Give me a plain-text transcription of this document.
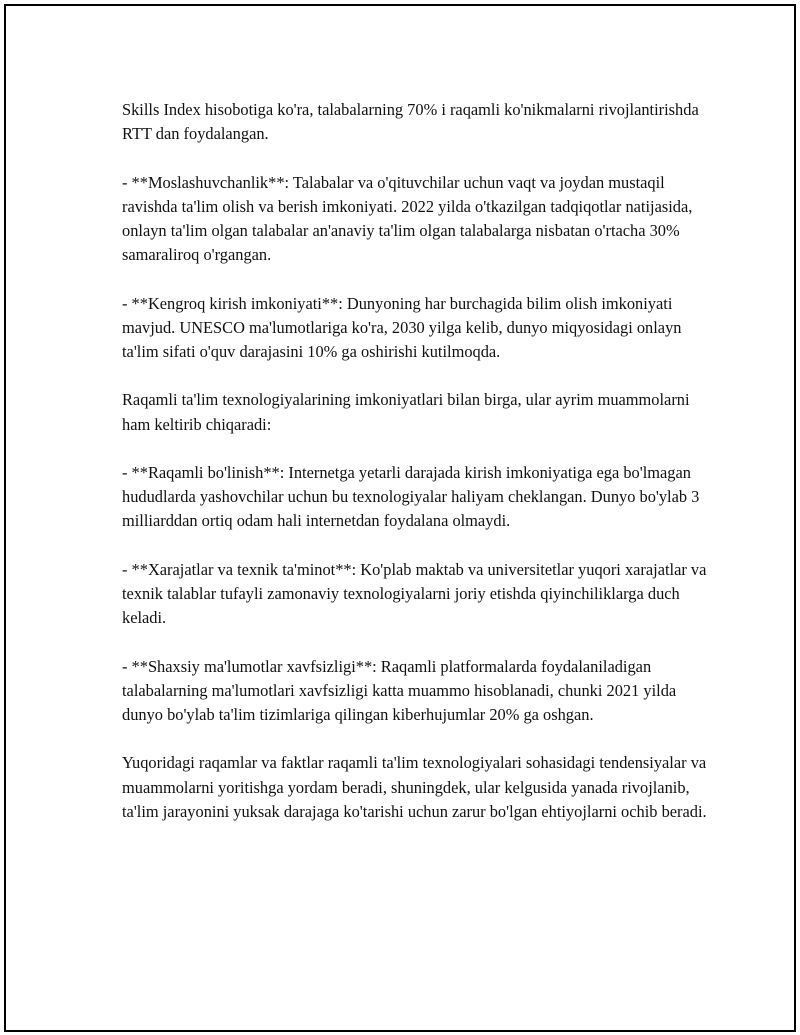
Skills Index hisobotiga ko'ra, talabalarning 70% i raqamli ko'nikmalarni rivojlantirishda RTT dan foydalangan.

- **Moslashuvchanlik**: Talabalar va o'qituvchilar uchun vaqt va joydan mustaqil ravishda ta'lim olish va berish imkoniyati. 2022 yilda o'tkazilgan tadqiqotlar natijasida, onlayn ta'lim olgan talabalar an'anaviy ta'lim olgan talabalarga nisbatan o'rtacha 30% samaraliroq o'rgangan.

- **Kengroq kirish imkoniyati**: Dunyoning har burchagida bilim olish imkoniyati mavjud. UNESCO ma'lumotlariga ko'ra, 2030 yilga kelib, dunyo miqyosidagi onlayn ta'lim sifati o'quv darajasini 10% ga oshirishi kutilmoqda.

Raqamli ta'lim texnologiyalarining imkoniyatlari bilan birga, ular ayrim muammolarni ham keltirib chiqaradi:

- **Raqamli bo'linish**: Internetga yetarli darajada kirish imkoniyatiga ega bo'lmagan hududlarda yashovchilar uchun bu texnologiyalar haliyam cheklangan. Dunyo bo'ylab 3 milliarddan ortiq odam hali internetdan foydalana olmaydi.

- **Xarajatlar va texnik ta'minot**: Ko'plab maktab va universitetlar yuqori xarajatlar va texnik talablar tufayli zamonaviy texnologiyalarni joriy etishda qiyinchiliklarga duch keladi.

- **Shaxsiy ma'lumotlar xavfsizligi**: Raqamli platformalarda foydalaniladigan talabalarning ma'lumotlari xavfsizligi katta muammo hisoblanadi, chunki 2021 yilda dunyo bo'ylab ta'lim tizimlariga qilingan kiberhujumlar 20% ga oshgan.

Yuqoridagi raqamlar va faktlar raqamli ta'lim texnologiyalari sohasidagi tendensiyalar va muammolarni yoritishga yordam beradi, shuningdek, ular kelgusida yanada rivojlanib, ta'lim jarayonini yuksak darajaga ko'tarishi uchun zarur bo'lgan ehtiyojlarni ochib beradi.
